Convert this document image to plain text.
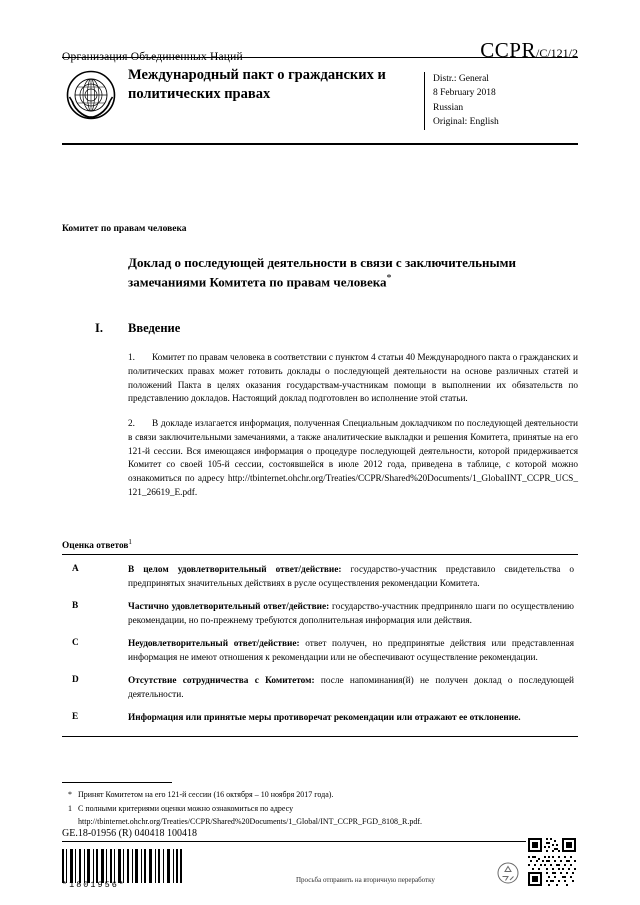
Организация Объединенных Наций	CCPR/C/121/2
Международный пакт о гражданских и политических правах
Distr.: General
8 February 2018
Russian
Original: English
Комитет по правам человека
Доклад о последующей деятельности в связи с заключительными замечаниями Комитета по правам человека*
I. Введение
1. Комитет по правам человека в соответствии с пунктом 4 статьи 40 Международного пакта о гражданских и политических правах может готовить доклады о последующей деятельности на основе различных статей и положений Пакта в целях оказания государствам-участникам помощи в выполнении их обязательств по представлению докладов. Настоящий доклад подготовлен во исполнение этой статьи.
2. В докладе излагается информация, полученная Специальным докладчиком по последующей деятельности в связи заключительными замечаниями, а также аналитические выкладки и решения Комитета, принятые на его 121-й сессии. Вся имеющаяся информация о процедуре последующей деятельности, которой придерживается Комитет со своей 105-й сессии, состоявшейся в июле 2012 года, приведена в таблице, с которой можно ознакомиться по адресу http://tbinternet.ohchr.org/Treaties/CCPR/Shared%20Documents/1_GlobalINT_CCPR_UCS_121_26619_E.pdf.
Оценка ответов$^1$
A	В целом удовлетворительный ответ/действие: государство-участник представило свидетельства о предпринятых значительных действиях в русле осуществления рекомендации Комитета.
B	Частично удовлетворительный ответ/действие: государство-участник предприняло шаги по осуществлению рекомендации, но по-прежнему требуются дополнительная информация или действия.
C	Неудовлетворительный ответ/действие: ответ получен, но предпринятые действия или представленная информация не имеют отношения к рекомендации или не обеспечивают осуществление рекомендации.
D	Отсутствие сотрудничества с Комитетом: после напоминания(й) не получен доклад о последующей деятельности.
E	Информация или принятые меры противоречат рекомендации или отражают ее отклонение.
* Принят Комитетом на его 121-й сессии (16 октября – 10 ноября 2017 года).
1 С полными критериями оценки можно ознакомиться по адресу http://tbinternet.ohchr.org/Treaties/CCPR/Shared%20Documents/1_Global/INT_CCPR_FGD_8108_R.pdf.
GE.18-01956 (R) 040418 100418
*1801956*	Просьба отправить на вторичную переработку
